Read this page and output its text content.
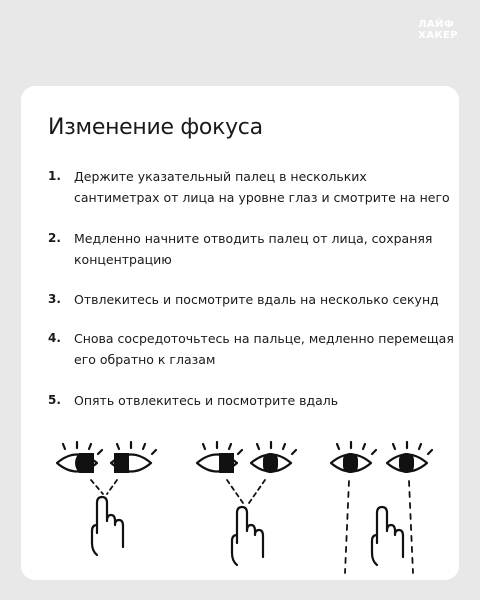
ЛАЙФ
ХАКЕР
Изменение фокуса
1. Держите указательный палец в нескольких сантиметрах от лица на уровне глаз и смотрите на него
2. Медленно начните отводить палец от лица, сохраняя концентрацию
3. Отвлекитесь и посмотрите вдаль на несколько секунд
4. Снова сосредоточьтесь на пальце, медленно перемещая его обратно к глазам
5. Опять отвлекитесь и посмотрите вдаль
